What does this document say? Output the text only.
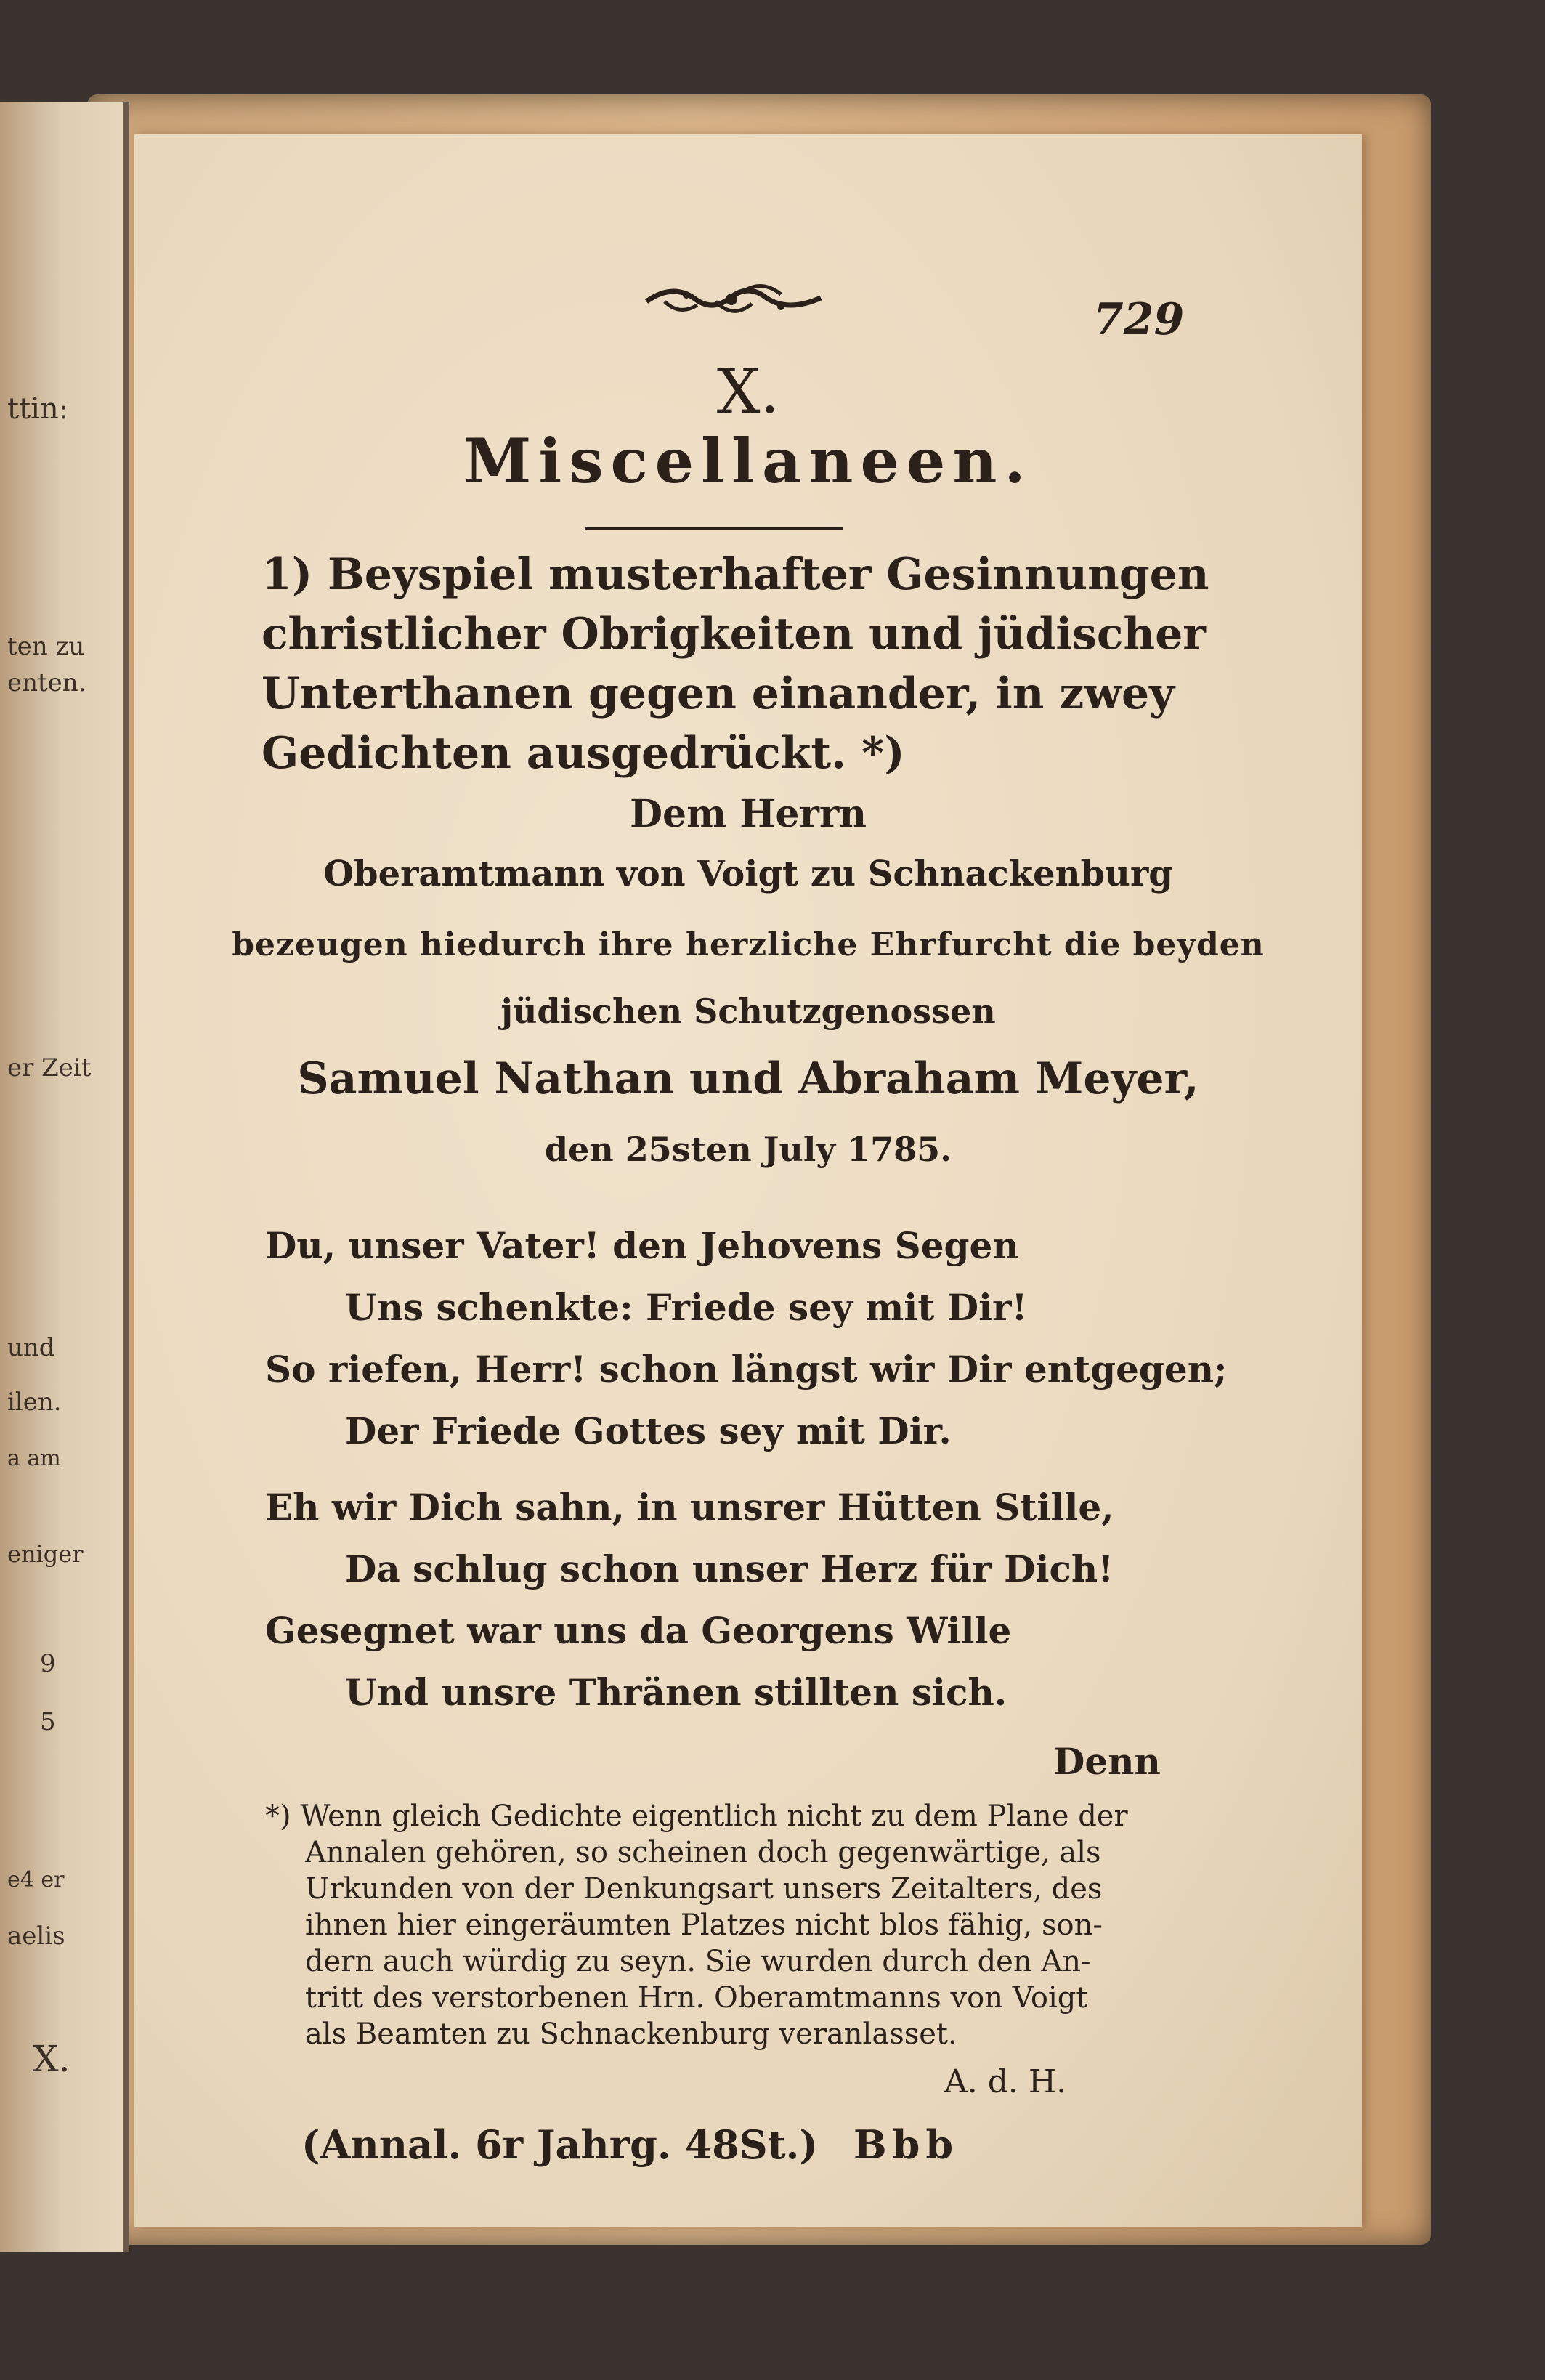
ttin:
ten zu
enten.
er Zeit
und
ilen.
a am
eniger
9
5
e4 er
aelis
X.
729
X.
Miscellaneen.
1) Beyspiel musterhafter Gesinnungen christlicher Obrigkeiten und jüdischer Unterthanen gegen einander, in zwey Gedichten ausgedrückt. *)
Dem Herrn
Oberamtmann von Voigt zu Schnackenburg
bezeugen hiedurch ihre herzliche Ehrfurcht die beyden
jüdischen Schutzgenossen
Samuel Nathan und Abraham Meyer,
den 25sten July 1785.
Du, unser Vater! den Jehovens Segen
Uns schenkte: Friede sey mit Dir!
So riefen, Herr! schon längst wir Dir entgegen;
Der Friede Gottes sey mit Dir.
Eh wir Dich sahn, in unsrer Hütten Stille,
Da schlug schon unser Herz für Dich!
Gesegnet war uns da Georgens Wille
Und unsre Thränen stillten sich.
Denn
*) Wenn gleich Gedichte eigentlich nicht zu dem Plane der
Annalen gehören, so scheinen doch gegenwärtige, als
Urkunden von der Denkungsart unsers Zeitalters, des
ihnen hier eingeräumten Platzes nicht blos fähig, son-
dern auch würdig zu seyn. Sie wurden durch den An-
tritt des verstorbenen Hrn. Oberamtmanns von Voigt
als Beamten zu Schnackenburg veranlasset.
A. d. H.
(Annal. 6r Jahrg. 48St.) Bbb
